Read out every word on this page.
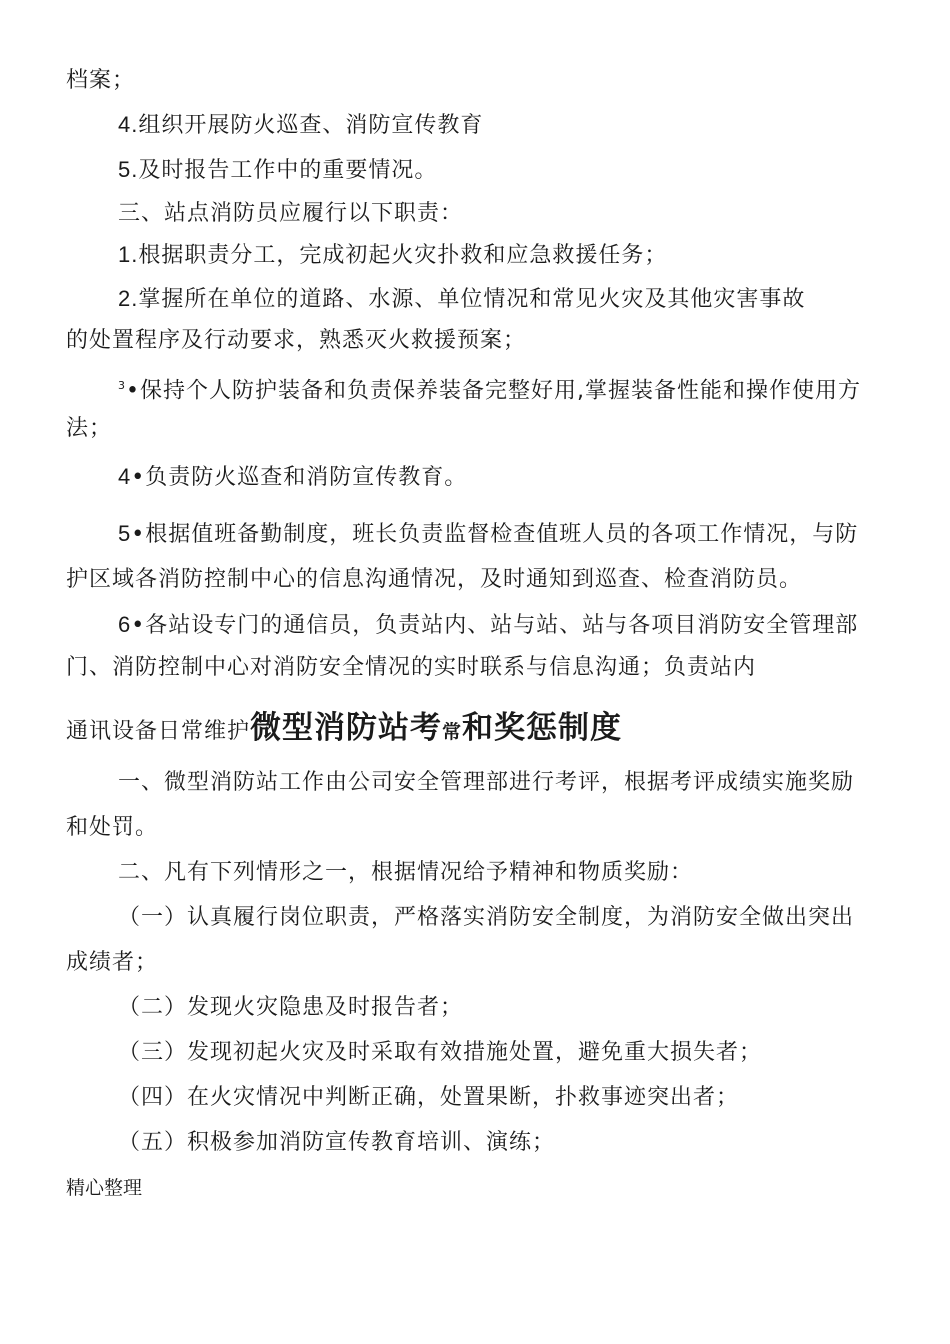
档案；
4.组织开展防火巡查、消防宣传教育
5.及时报告工作中的重要情况。
三、站点消防员应履行以下职责：
1.根据职责分工，完成初起火灾扑救和应急救援任务；
2.掌握所在单位的道路、水源、单位情况和常见火灾及其他灾害事故
的处置程序及行动要求，熟悉灭火救援预案；
$^3$•保持个人防护装备和负责保养装备完整好用,掌握装备性能和操作使用方
法；
4•负责防火巡查和消防宣传教育。
5•根据值班备勤制度，班长负责监督检查值班人员的各项工作情况，与防
护区域各消防控制中心的信息沟通情况，及时通知到巡查、检查消防员。
6•各站设专门的通信员，负责站内、站与站、站与各项目消防安全管理部
门、消防控制中心对消防安全情况的实时联系与信息沟通；负责站内
通讯设备日常维护微型消防站考常和奖惩制度
一、微型消防站工作由公司安全管理部进行考评，根据考评成绩实施奖励
和处罚。
二、凡有下列情形之一，根据情况给予精神和物质奖励：
（一）认真履行岗位职责，严格落实消防安全制度，为消防安全做出突出
成绩者；
（二）发现火灾隐患及时报告者；
（三）发现初起火灾及时采取有效措施处置，避免重大损失者；
（四）在火灾情况中判断正确，处置果断，扑救事迹突出者；
（五）积极参加消防宣传教育培训、演练；
精心整理
